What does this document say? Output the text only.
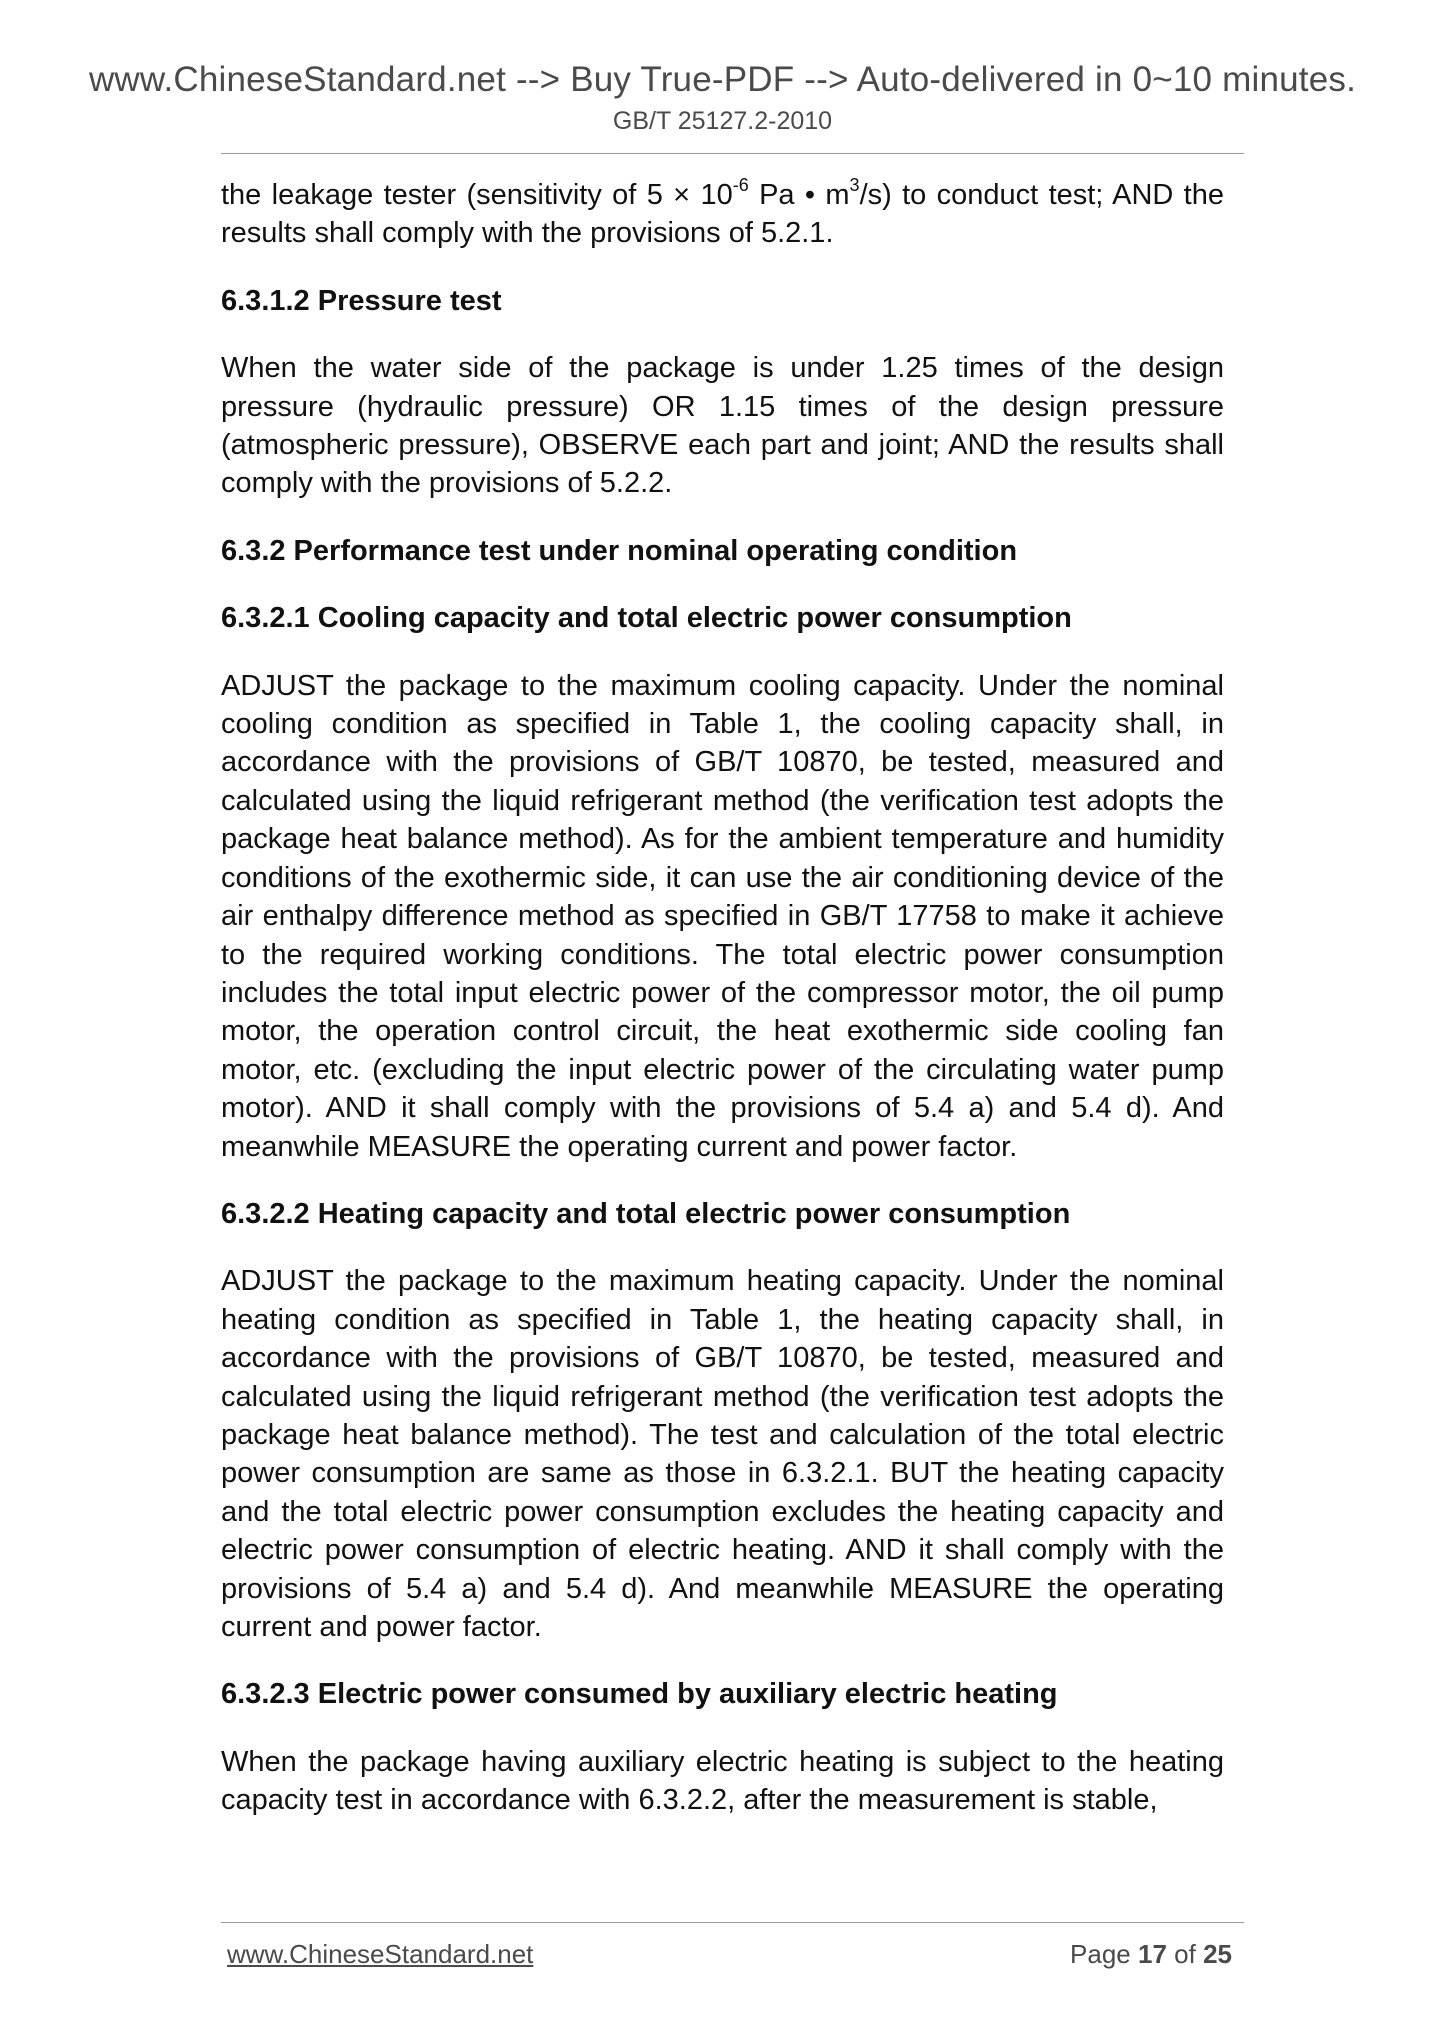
www.ChineseStandard.net --> Buy True-PDF --> Auto-delivered in 0~10 minutes.
GB/T 25127.2-2010

the leakage tester (sensitivity of $5 \times 10^{-6}$ Pa • $m^3/s$) to conduct test; AND the results shall comply with the provisions of 5.2.1.

6.3.1.2 Pressure test

When the water side of the package is under 1.25 times of the design pressure (hydraulic pressure) OR 1.15 times of the design pressure (atmospheric pressure), OBSERVE each part and joint; AND the results shall comply with the provisions of 5.2.2.

6.3.2 Performance test under nominal operating condition
6.3.2.1 Cooling capacity and total electric power consumption

ADJUST the package to the maximum cooling capacity. Under the nominal cooling condition as specified in Table 1, the cooling capacity shall, in accordance with the provisions of GB/T 10870, be tested, measured and calculated using the liquid refrigerant method (the verification test adopts the package heat balance method). As for the ambient temperature and humidity conditions of the exothermic side, it can use the air conditioning device of the air enthalpy difference method as specified in GB/T 17758 to make it achieve to the required working conditions. The total electric power consumption includes the total input electric power of the compressor motor, the oil pump motor, the operation control circuit, the heat exothermic side cooling fan motor, etc. (excluding the input electric power of the circulating water pump motor). AND it shall comply with the provisions of 5.4 a) and 5.4 d). And meanwhile MEASURE the operating current and power factor.

6.3.2.2 Heating capacity and total electric power consumption

ADJUST the package to the maximum heating capacity. Under the nominal heating condition as specified in Table 1, the heating capacity shall, in accordance with the provisions of GB/T 10870, be tested, measured and calculated using the liquid refrigerant method (the verification test adopts the package heat balance method). The test and calculation of the total electric power consumption are same as those in 6.3.2.1. BUT the heating capacity and the total electric power consumption excludes the heating capacity and electric power consumption of electric heating. AND it shall comply with the provisions of 5.4 a) and 5.4 d). And meanwhile MEASURE the operating current and power factor.

6.3.2.3 Electric power consumed by auxiliary electric heating

When the package having auxiliary electric heating is subject to the heating capacity test in accordance with 6.3.2.2, after the measurement is stable,

www.ChineseStandard.net	Page 17 of 25
